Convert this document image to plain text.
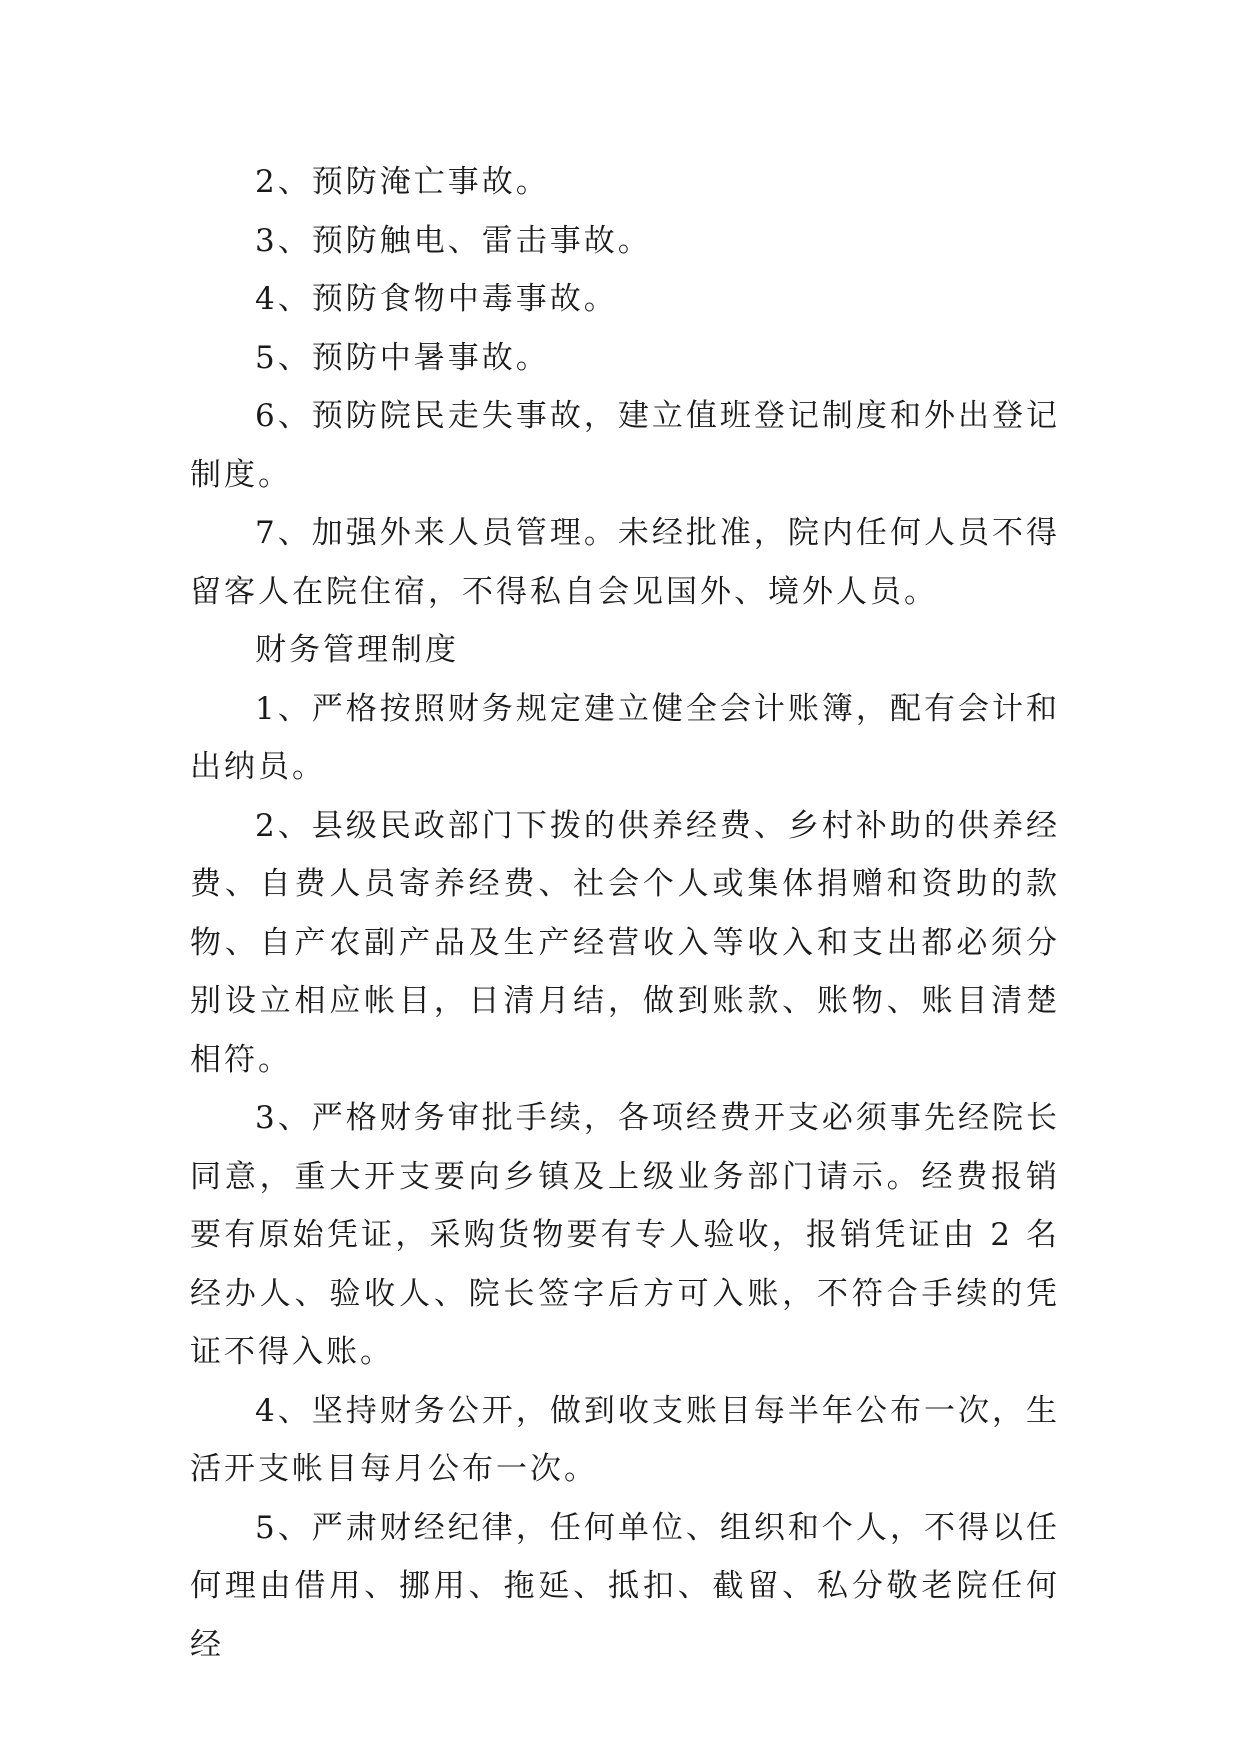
2、预防淹亡事故。

3、预防触电、雷击事故。

4、预防食物中毒事故。

5、预防中暑事故。

6、预防院民走失事故，建立值班登记制度和外出登记制度。

7、加强外来人员管理。未经批准，院内任何人员不得留客人在院住宿，不得私自会见国外、境外人员。

财务管理制度

1、严格按照财务规定建立健全会计账簿，配有会计和出纳员。

2、县级民政部门下拨的供养经费、乡村补助的供养经费、自费人员寄养经费、社会个人或集体捐赠和资助的款物、自产农副产品及生产经营收入等收入和支出都必须分别设立相应帐目，日清月结，做到账款、账物、账目清楚相符。

3、严格财务审批手续，各项经费开支必须事先经院长同意，重大开支要向乡镇及上级业务部门请示。经费报销要有原始凭证，采购货物要有专人验收，报销凭证由 2 名经办人、验收人、院长签字后方可入账，不符合手续的凭证不得入账。

4、坚持财务公开，做到收支账目每半年公布一次，生活开支帐目每月公布一次。

5、严肃财经纪律，任何单位、组织和个人，不得以任何理由借用、挪用、拖延、抵扣、截留、私分敬老院任何经
